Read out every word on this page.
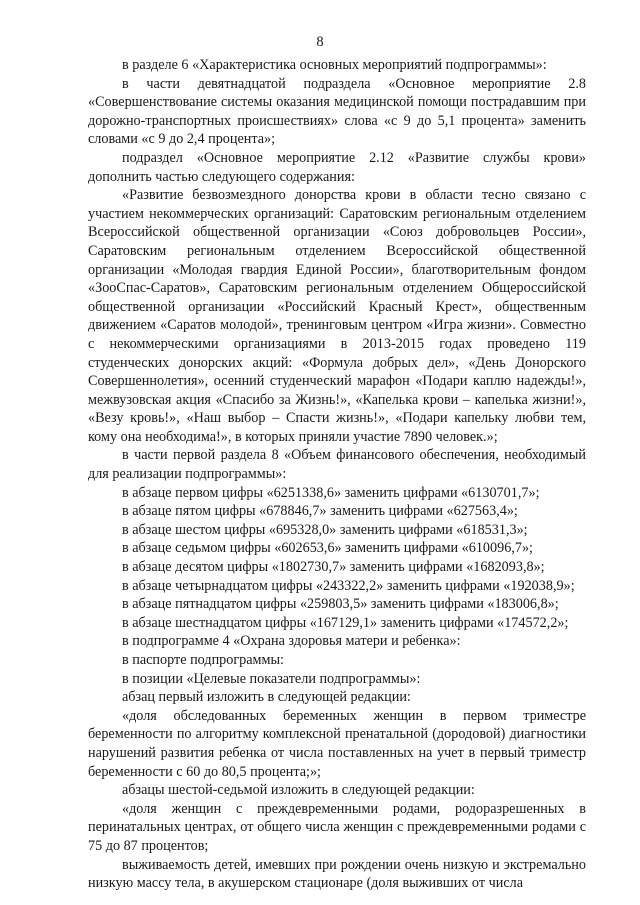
8

в разделе 6 «Характеристика основных мероприятий подпрограммы»:

в части девятнадцатой подраздела «Основное мероприятие 2.8 «Совершенствование системы оказания медицинской помощи пострадавшим при дорожно-транспортных происшествиях» слова «с 9 до 5,1 процента» заменить словами «с 9 до 2,4 процента»;

подраздел «Основное мероприятие 2.12 «Развитие службы крови» дополнить частью следующего содержания:

«Развитие безвозмездного донорства крови в области тесно связано с участием некоммерческих организаций: Саратовским региональным отделением Всероссийской общественной организации «Союз добровольцев России», Саратовским региональным отделением Всероссийской общественной организации «Молодая гвардия Единой России», благотворительным фондом «ЗооСпас-Саратов», Саратовским региональным отделением Общероссийской общественной организации «Российский Красный Крест», общественным движением «Саратов молодой», тренинговым центром «Игра жизни». Совместно с некоммерческими организациями в 2013-2015 годах проведено 119 студенческих донорских акций: «Формула добрых дел», «День Донорского Совершеннолетия», осенний студенческий марафон «Подари каплю надежды!», межвузовская акция «Спасибо за Жизнь!», «Капелька крови – капелька жизни!», «Везу кровь!», «Наш выбор – Спасти жизнь!», «Подари капельку любви тем, кому она необходима!», в которых приняли участие 7890 человек.»;

в части первой раздела 8 «Объем финансового обеспечения, необходимый для реализации подпрограммы»:

в абзаце первом цифры «6251338,6» заменить цифрами «6130701,7»;

в абзаце пятом цифры «678846,7» заменить цифрами «627563,4»;

в абзаце шестом цифры «695328,0» заменить цифрами «618531,3»;

в абзаце седьмом цифры «602653,6» заменить цифрами «610096,7»;

в абзаце десятом цифры «1802730,7» заменить цифрами «1682093,8»;

в абзаце четырнадцатом цифры «243322,2» заменить цифрами «192038,9»;

в абзаце пятнадцатом цифры «259803,5» заменить цифрами «183006,8»;

в абзаце шестнадцатом цифры «167129,1» заменить цифрами «174572,2»;

в подпрограмме 4 «Охрана здоровья матери и ребенка»:

в паспорте подпрограммы:

в позиции «Целевые показатели подпрограммы»:

абзац первый изложить в следующей редакции:

«доля обследованных беременных женщин в первом триместре беременности по алгоритму комплексной пренатальной (дородовой) диагностики нарушений развития ребенка от числа поставленных на учет в первый триместр беременности с 60 до 80,5 процента;»;

абзацы шестой-седьмой изложить в следующей редакции:

«доля женщин с преждевременными родами, родоразрешенных в перинатальных центрах, от общего числа женщин с преждевременными родами с 75 до 87 процентов;

выживаемость детей, имевших при рождении очень низкую и экстремально низкую массу тела, в акушерском стационаре (доля выживших от числа
